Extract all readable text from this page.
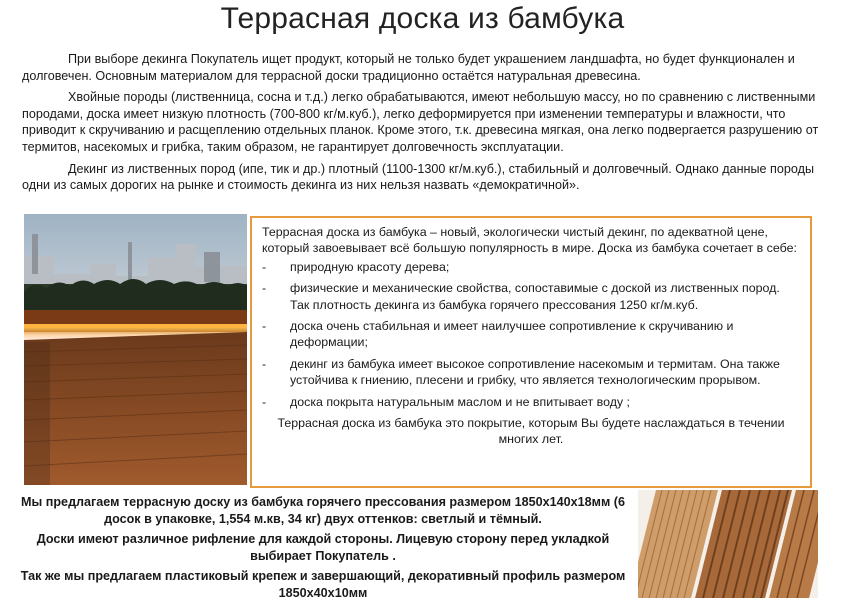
Террасная доска из бамбука

При выборе декинга Покупатель ищет продукт, который не только будет украшением ландшафта, но будет функционален и долговечен. Основным материалом для террасной доски традиционно остаётся натуральная древесина.

Хвойные породы (лиственница, сосна и т.д.) легко обрабатываются, имеют небольшую массу, но по сравнению с лиственными породами, доска имеет низкую плотность (700-800 кг/м.куб.), легко деформируется при изменении температуры и влажности, что приводит к скручиванию и расщеплению отдельных планок. Кроме этого, т.к. древесина мягкая, она легко подвергается разрушению от термитов, насекомых и грибка, таким образом, не гарантирует долговечность эксплуатации.

Декинг из лиственных пород (ипе, тик и др.) плотный (1100-1300 кг/м.куб.), стабильный и долговечный. Однако данные породы одни из самых дорогих на рынке и стоимость декинга из них нельзя назвать «демократичной».

Террасная доска из бамбука – новый, экологически чистый декинг, по адекватной цене, который завоевывает всё большую популярность в мире. Доска из бамбука сочетает в себе:

- природную красоту дерева;
- физические и механические свойства, сопоставимые с доской из лиственных пород. Так плотность декинга из бамбука горячего прессования 1250 кг/м.куб.
- доска очень стабильная и имеет наилучшее сопротивление к скручиванию и деформации;
- декинг из бамбука имеет высокое сопротивление насекомым и термитам. Она также устойчива к гниению, плесени и грибку, что является технологическим прорывом.
- доска покрыта натуральным маслом и не впитывает воду ;

Террасная доска из бамбука это покрытие, которым Вы будете наслаждаться в течении многих лет.

Мы предлагаем террасную доску из бамбука горячего прессования размером 1850х140х18мм (6 досок в упаковке, 1,554 м.кв, 34 кг) двух оттенков: светлый и тёмный.

Доски имеют различное рифление для каждой стороны. Лицевую сторону перед укладкой выбирает Покупатель .

Так же мы предлагаем пластиковый крепеж и завершающий, декоративный профиль размером 1850х40х10мм
